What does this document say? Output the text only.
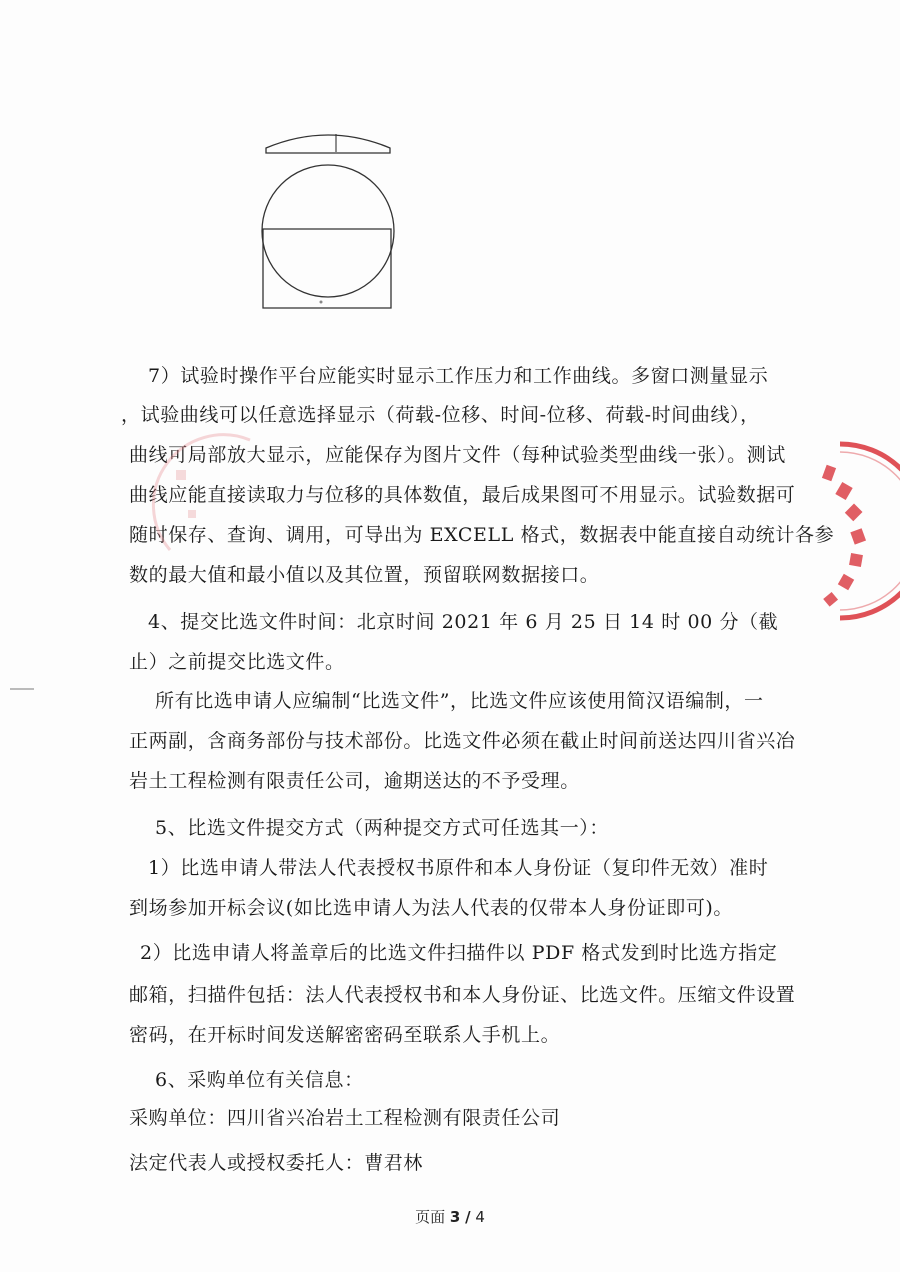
7）试验时操作平台应能实时显示工作压力和工作曲线。多窗口测量显示
，试验曲线可以任意选择显示（荷载-位移、时间-位移、荷载-时间曲线），
曲线可局部放大显示，应能保存为图片文件（每种试验类型曲线一张）。测试
曲线应能直接读取力与位移的具体数值，最后成果图可不用显示。试验数据可
随时保存、查询、调用，可导出为 EXCELL 格式，数据表中能直接自动统计各参
数的最大值和最小值以及其位置，预留联网数据接口。
4、提交比选文件时间：北京时间 2021 年 6 月 25 日 14 时 00 分（截
止）之前提交比选文件。
所有比选申请人应编制“比选文件”，比选文件应该使用简汉语编制，一
正两副，含商务部份与技术部份。比选文件必须在截止时间前送达四川省兴冶
岩土工程检测有限责任公司，逾期送达的不予受理。
5、比选文件提交方式（两种提交方式可任选其一）：
1）比选申请人带法人代表授权书原件和本人身份证（复印件无效）准时
到场参加开标会议(如比选申请人为法人代表的仅带本人身份证即可)。
2）比选申请人将盖章后的比选文件扫描件以 PDF 格式发到时比选方指定
邮箱，扫描件包括：法人代表授权书和本人身份证、比选文件。压缩文件设置
密码，在开标时间发送解密密码至联系人手机上。
6、采购单位有关信息：
采购单位：四川省兴冶岩土工程检测有限责任公司
法定代表人或授权委托人：曹君林
页面 3 / 4
